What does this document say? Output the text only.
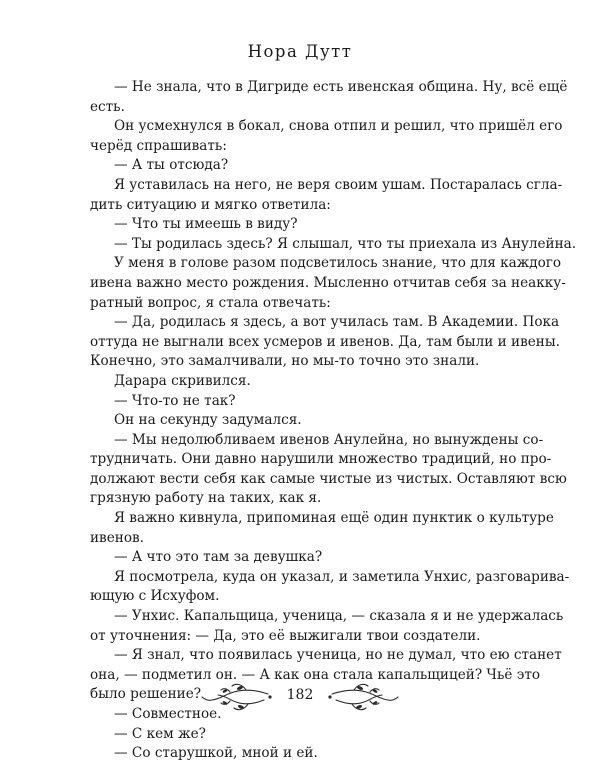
Нора Дутт
— Не знала, что в Дигриде есть ивенская община. Ну, всё ещё
есть.
Он усмехнулся в бокал, снова отпил и решил, что пришёл его
черёд спрашивать:
— А ты отсюда?
Я уставилась на него, не веря своим ушам. Постаралась сгла-
дить ситуацию и мягко ответила:
— Что ты имеешь в виду?
— Ты родилась здесь? Я слышал, что ты приехала из Анулейна.
У меня в голове разом подсветилось знание, что для каждого
ивена важно место рождения. Мысленно отчитав себя за неакку-
ратный вопрос, я стала отвечать:
— Да, родилась я здесь, а вот училась там. В Академии. Пока
оттуда не выгнали всех усмеров и ивенов. Да, там были и ивены.
Конечно, это замалчивали, но мы-то точно это знали.
Дарара скривился.
— Что-то не так?
Он на секунду задумался.
— Мы недолюбливаем ивенов Анулейна, но вынуждены со-
трудничать. Они давно нарушили множество традиций, но про-
должают вести себя как самые чистые из чистых. Оставляют всю
грязную работу на таких, как я.
Я важно кивнула, припоминая ещё один пунктик о культуре
ивенов.
— А что это там за девушка?
Я посмотрела, куда он указал, и заметила Унхис, разговарива-
ющую с Исхуфом.
— Унхис. Капальщица, ученица, — сказала я и не удержалась
от уточнения: — Да, это её выжигали твои создатели.
— Я знал, что появилась ученица, но не думал, что ею станет
она, — подметил он. — А как она стала капальщицей? Чьё это
было решение?
— Совместное.
— С кем же?
— Со старушкой, мной и ей.
182
